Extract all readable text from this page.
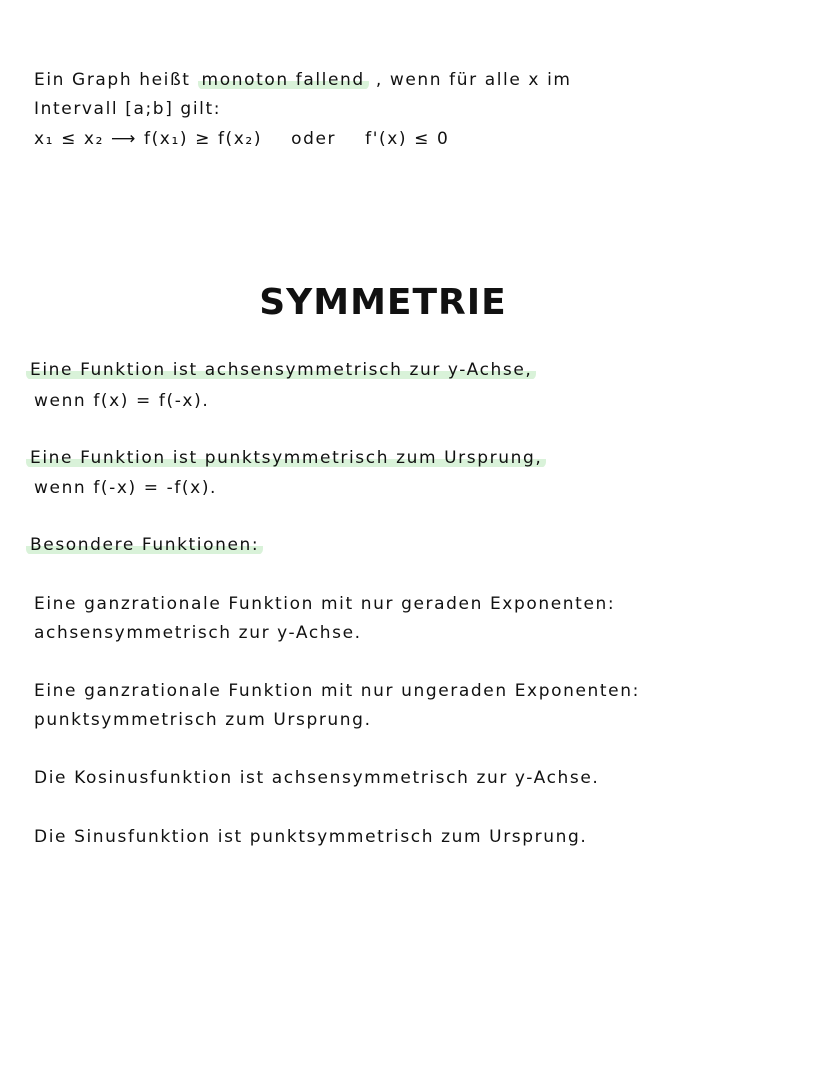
Ein Graph heißt monoton fallend , wenn für alle x im
Intervall [a;b] gilt:
x₁ ≤ x₂ ⟶ f(x₁) ≥ f(x₂) oder f'(x) ≤ 0
SYMMETRIE
Eine Funktion ist achsensymmetrisch zur y-Achse,
wenn f(x) = f(-x).
Eine Funktion ist punktsymmetrisch zum Ursprung,
wenn f(-x) = -f(x).
Besondere Funktionen:
Eine ganzrationale Funktion mit nur geraden Exponenten:
achsensymmetrisch zur y-Achse.
Eine ganzrationale Funktion mit nur ungeraden Exponenten:
punktsymmetrisch zum Ursprung.
Die Kosinusfunktion ist achsensymmetrisch zur y-Achse.
Die Sinusfunktion ist punktsymmetrisch zum Ursprung.
